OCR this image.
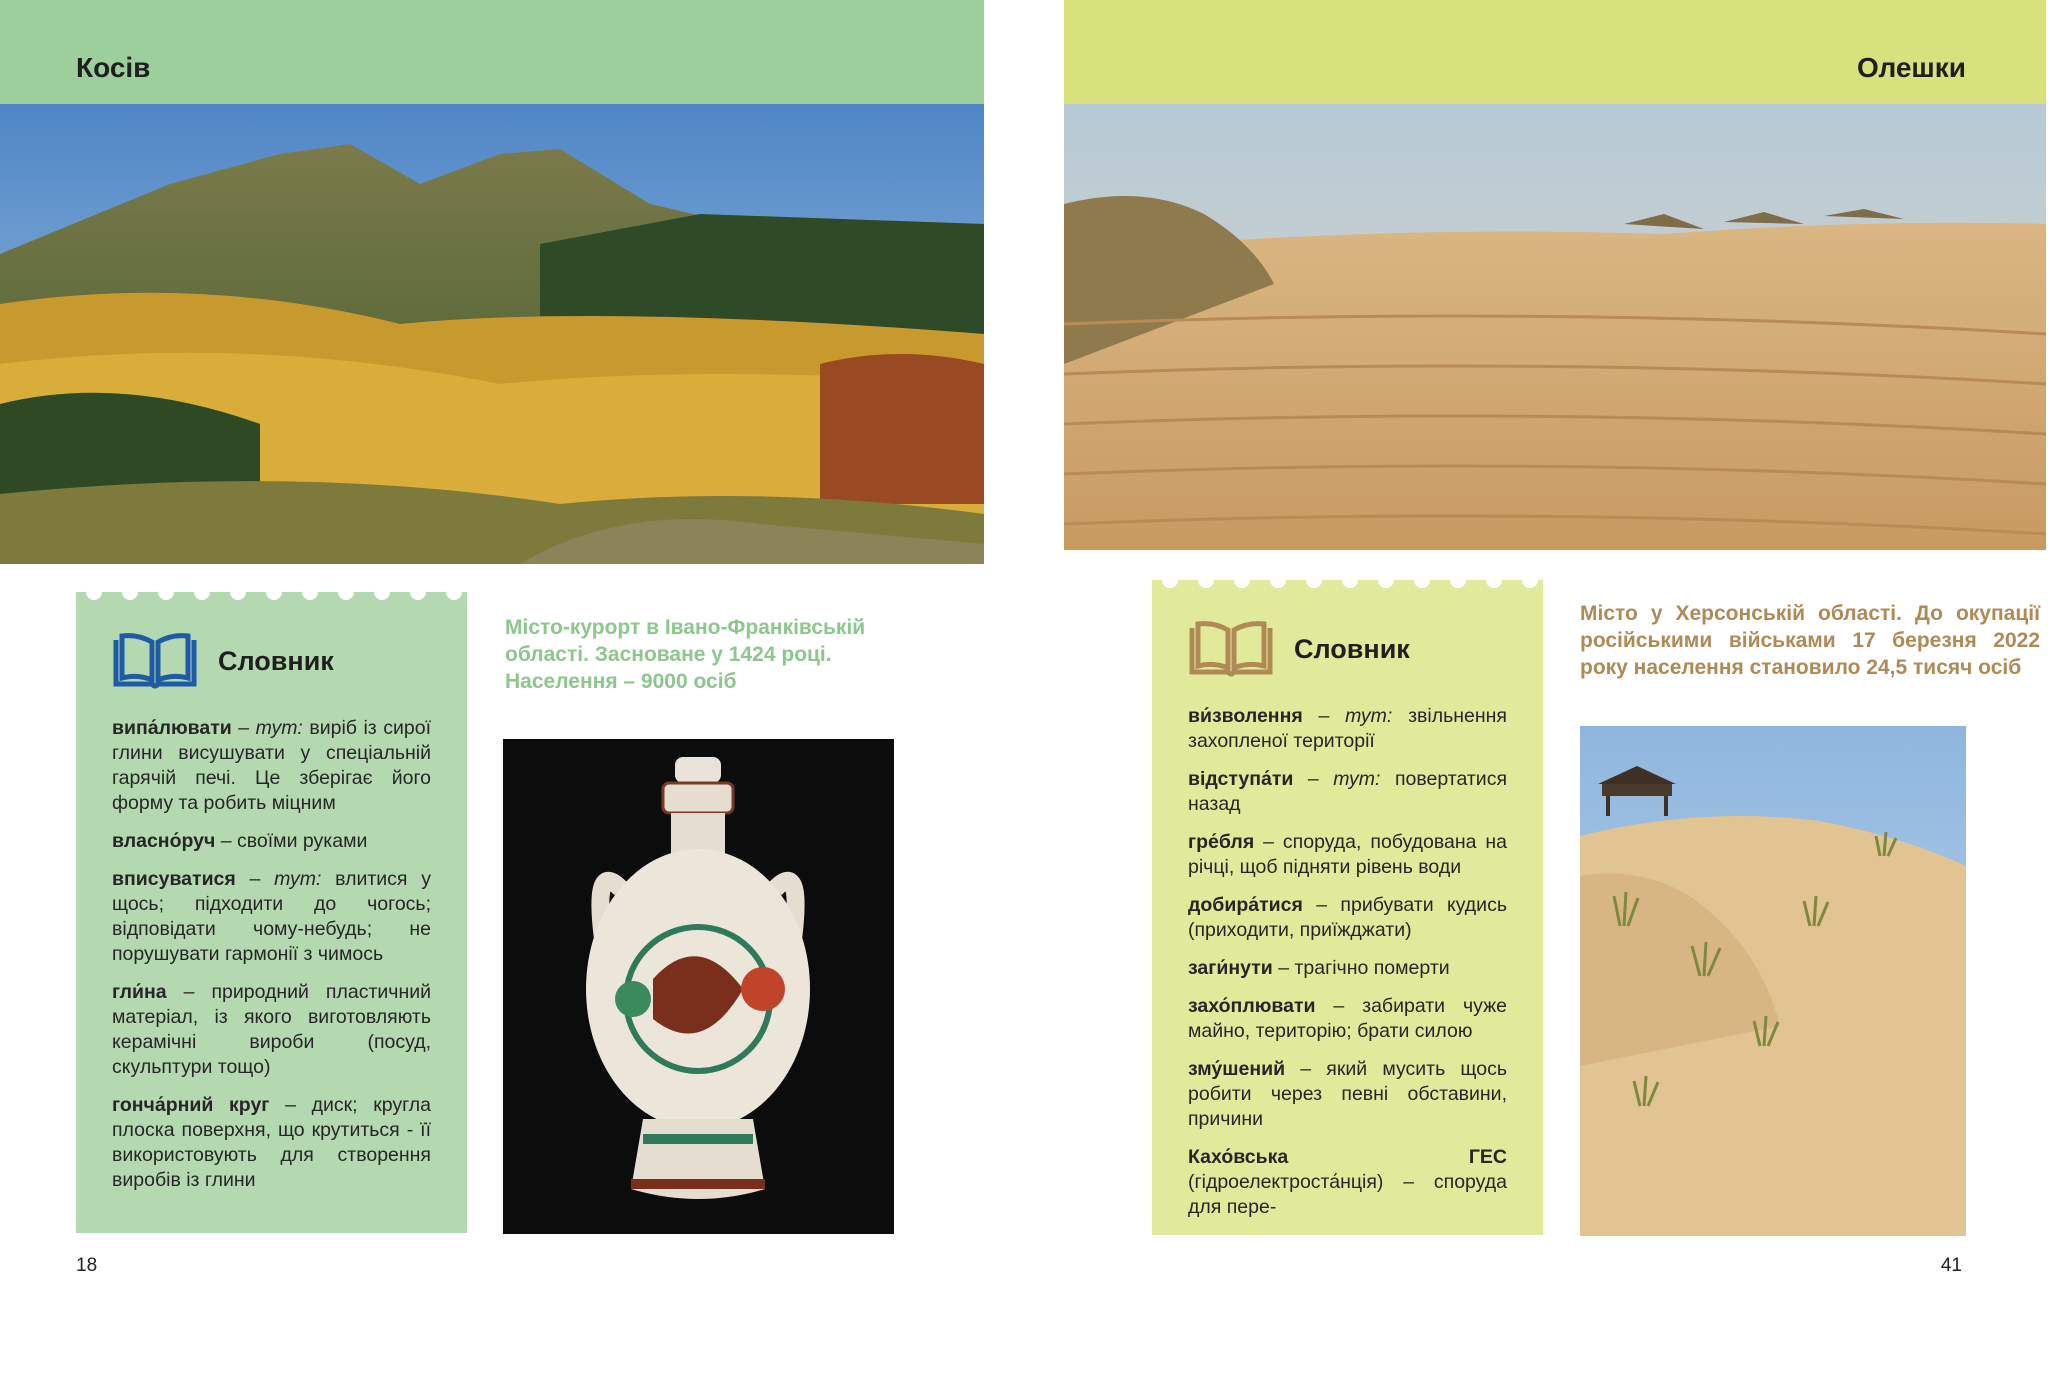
Косів
Словник
випа́лювати – тут: виріб із сирої глини висушувати у спеціальній гарячій печі. Це зберігає його форму та робить міцним
власно́руч – своїми руками
вписуватися – тут: влитися у щось; підходити до чогось; відповідати чому-небудь; не порушувати гармонії з чимось
гли́на – природний пластичний матеріал, із якого виготовляють керамічні вироби (посуд, скульптури тощо)
гонча́рний круг – диск; кругла плоска поверхня, що крутиться - її використовують для створення виробів із глини
Місто-курорт в Івано-Франківській області. Засноване у 1424 році. Населення – 9000 осіб
18
Олешки
Словник
ви́зволення – тут: звільнення захопленої території
відступа́ти – тут: повертатися назад
гре́бля – споруда, побудована на річці, щоб підняти рівень води
добира́тися – прибувати кудись (приходити, приїжджати)
заги́нути – трагічно померти
захо́плювати – забирати чуже майно, територію; брати силою
зму́шений – який мусить щось робити через певні обставини, причини
Кахо́вська ГЕС (гідроелектроста́нція) – споруда для пере-
Місто у Херсонській області. До окупації російськими військами 17 березня 2022 року населення становило 24,5 тисяч осіб
41
